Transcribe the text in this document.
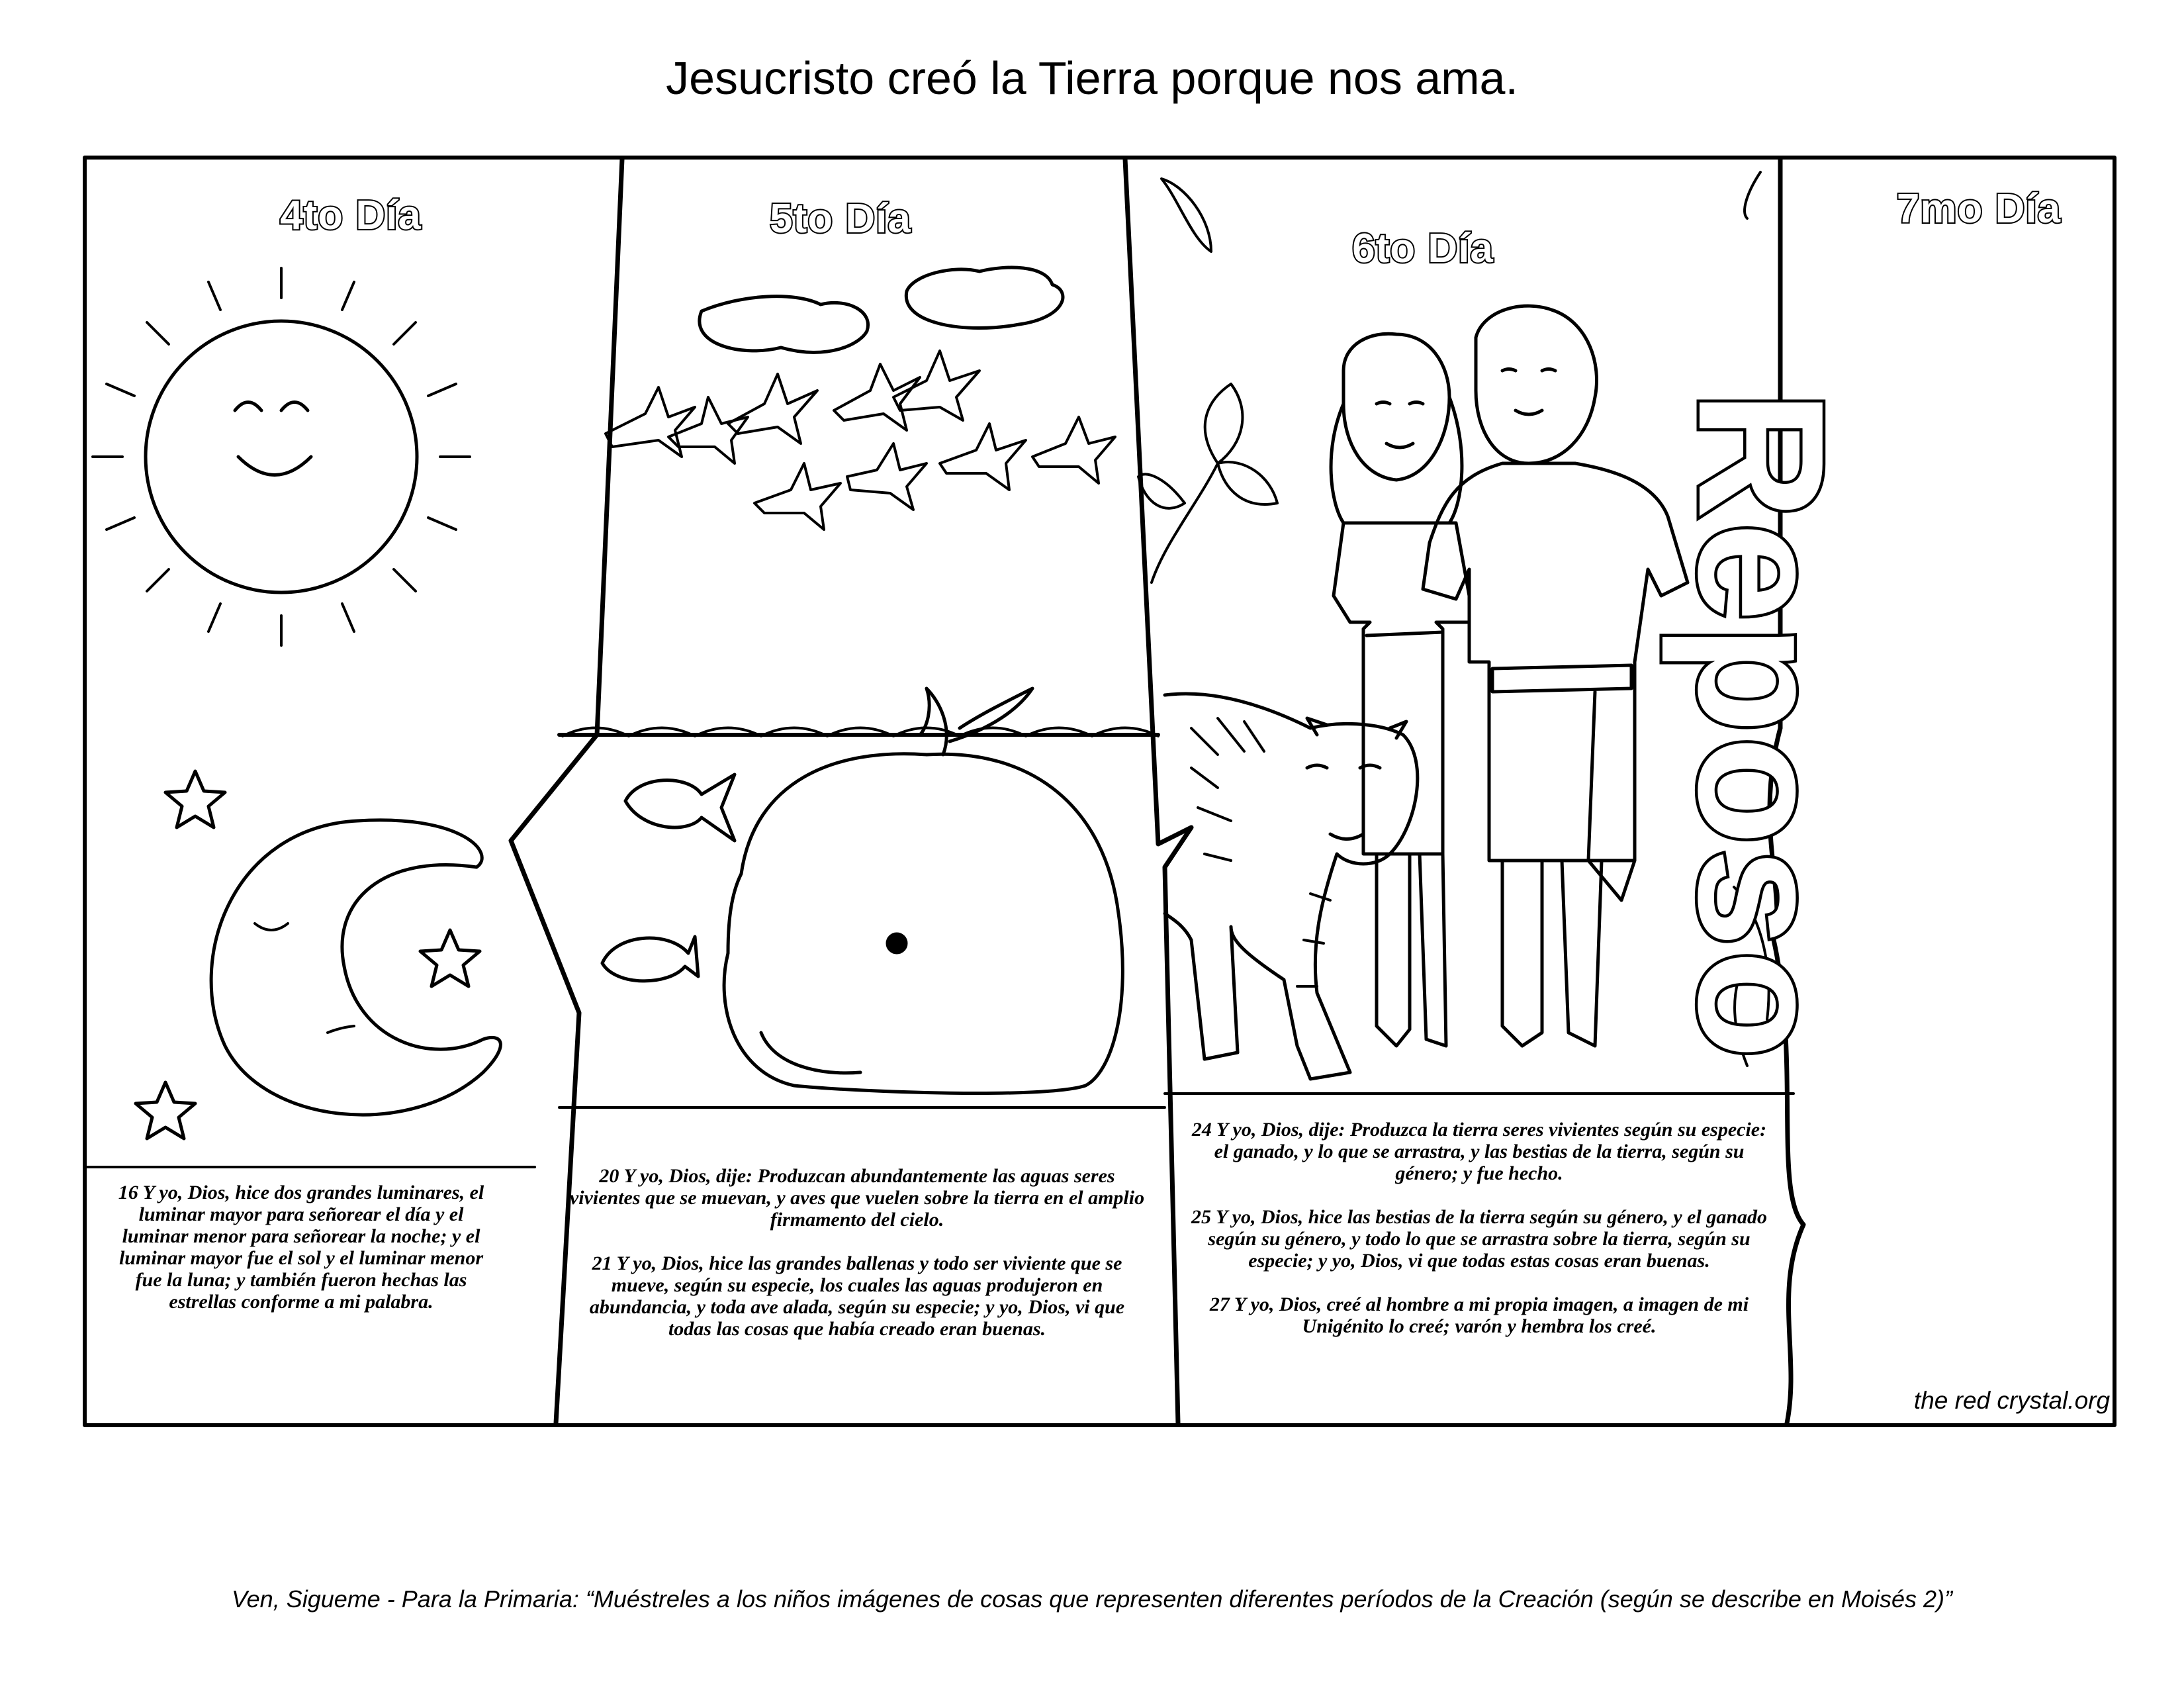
Jesucristo creó la Tierra porque nos ama.
4to Día	5to Día
6to Día
7mo Día
Reposo

16 Y yo, Dios, hice dos grandes luminares, el luminar mayor para señorear el día y el luminar menor para señorear la noche; y el luminar mayor fue el sol y el luminar menor fue la luna; y también fueron hechas las estrellas conforme a mi palabra.

20 Y yo, Dios, dije: Produzcan abundantemente las aguas seres vivientes que se muevan, y aves que vuelen sobre la tierra en el amplio firmamento del cielo.

21 Y yo, Dios, hice las grandes ballenas y todo ser viviente que se mueve, según su especie, los cuales las aguas produjeron en abundancia, y toda ave alada, según su especie; y yo, Dios, vi que todas las cosas que había creado eran buenas.

24 Y yo, Dios, dije: Produzca la tierra seres vivientes según su especie: el ganado, y lo que se arrastra, y las bestias de la tierra, según su género; y fue hecho.

25 Y yo, Dios, hice las bestias de la tierra según su género, y el ganado según su género, y todo lo que se arrastra sobre la tierra, según su especie; y yo, Dios, vi que todas estas cosas eran buenas.

27 Y yo, Dios, creé al hombre a mi propia imagen, a imagen de mi Unigénito lo creé; varón y hembra los creé.

the red crystal.org
Ven, Sigueme - Para la Primaria: “Muéstreles a los niños imágenes de cosas que representen diferentes períodos de la Creación (según se describe en Moisés 2)”
